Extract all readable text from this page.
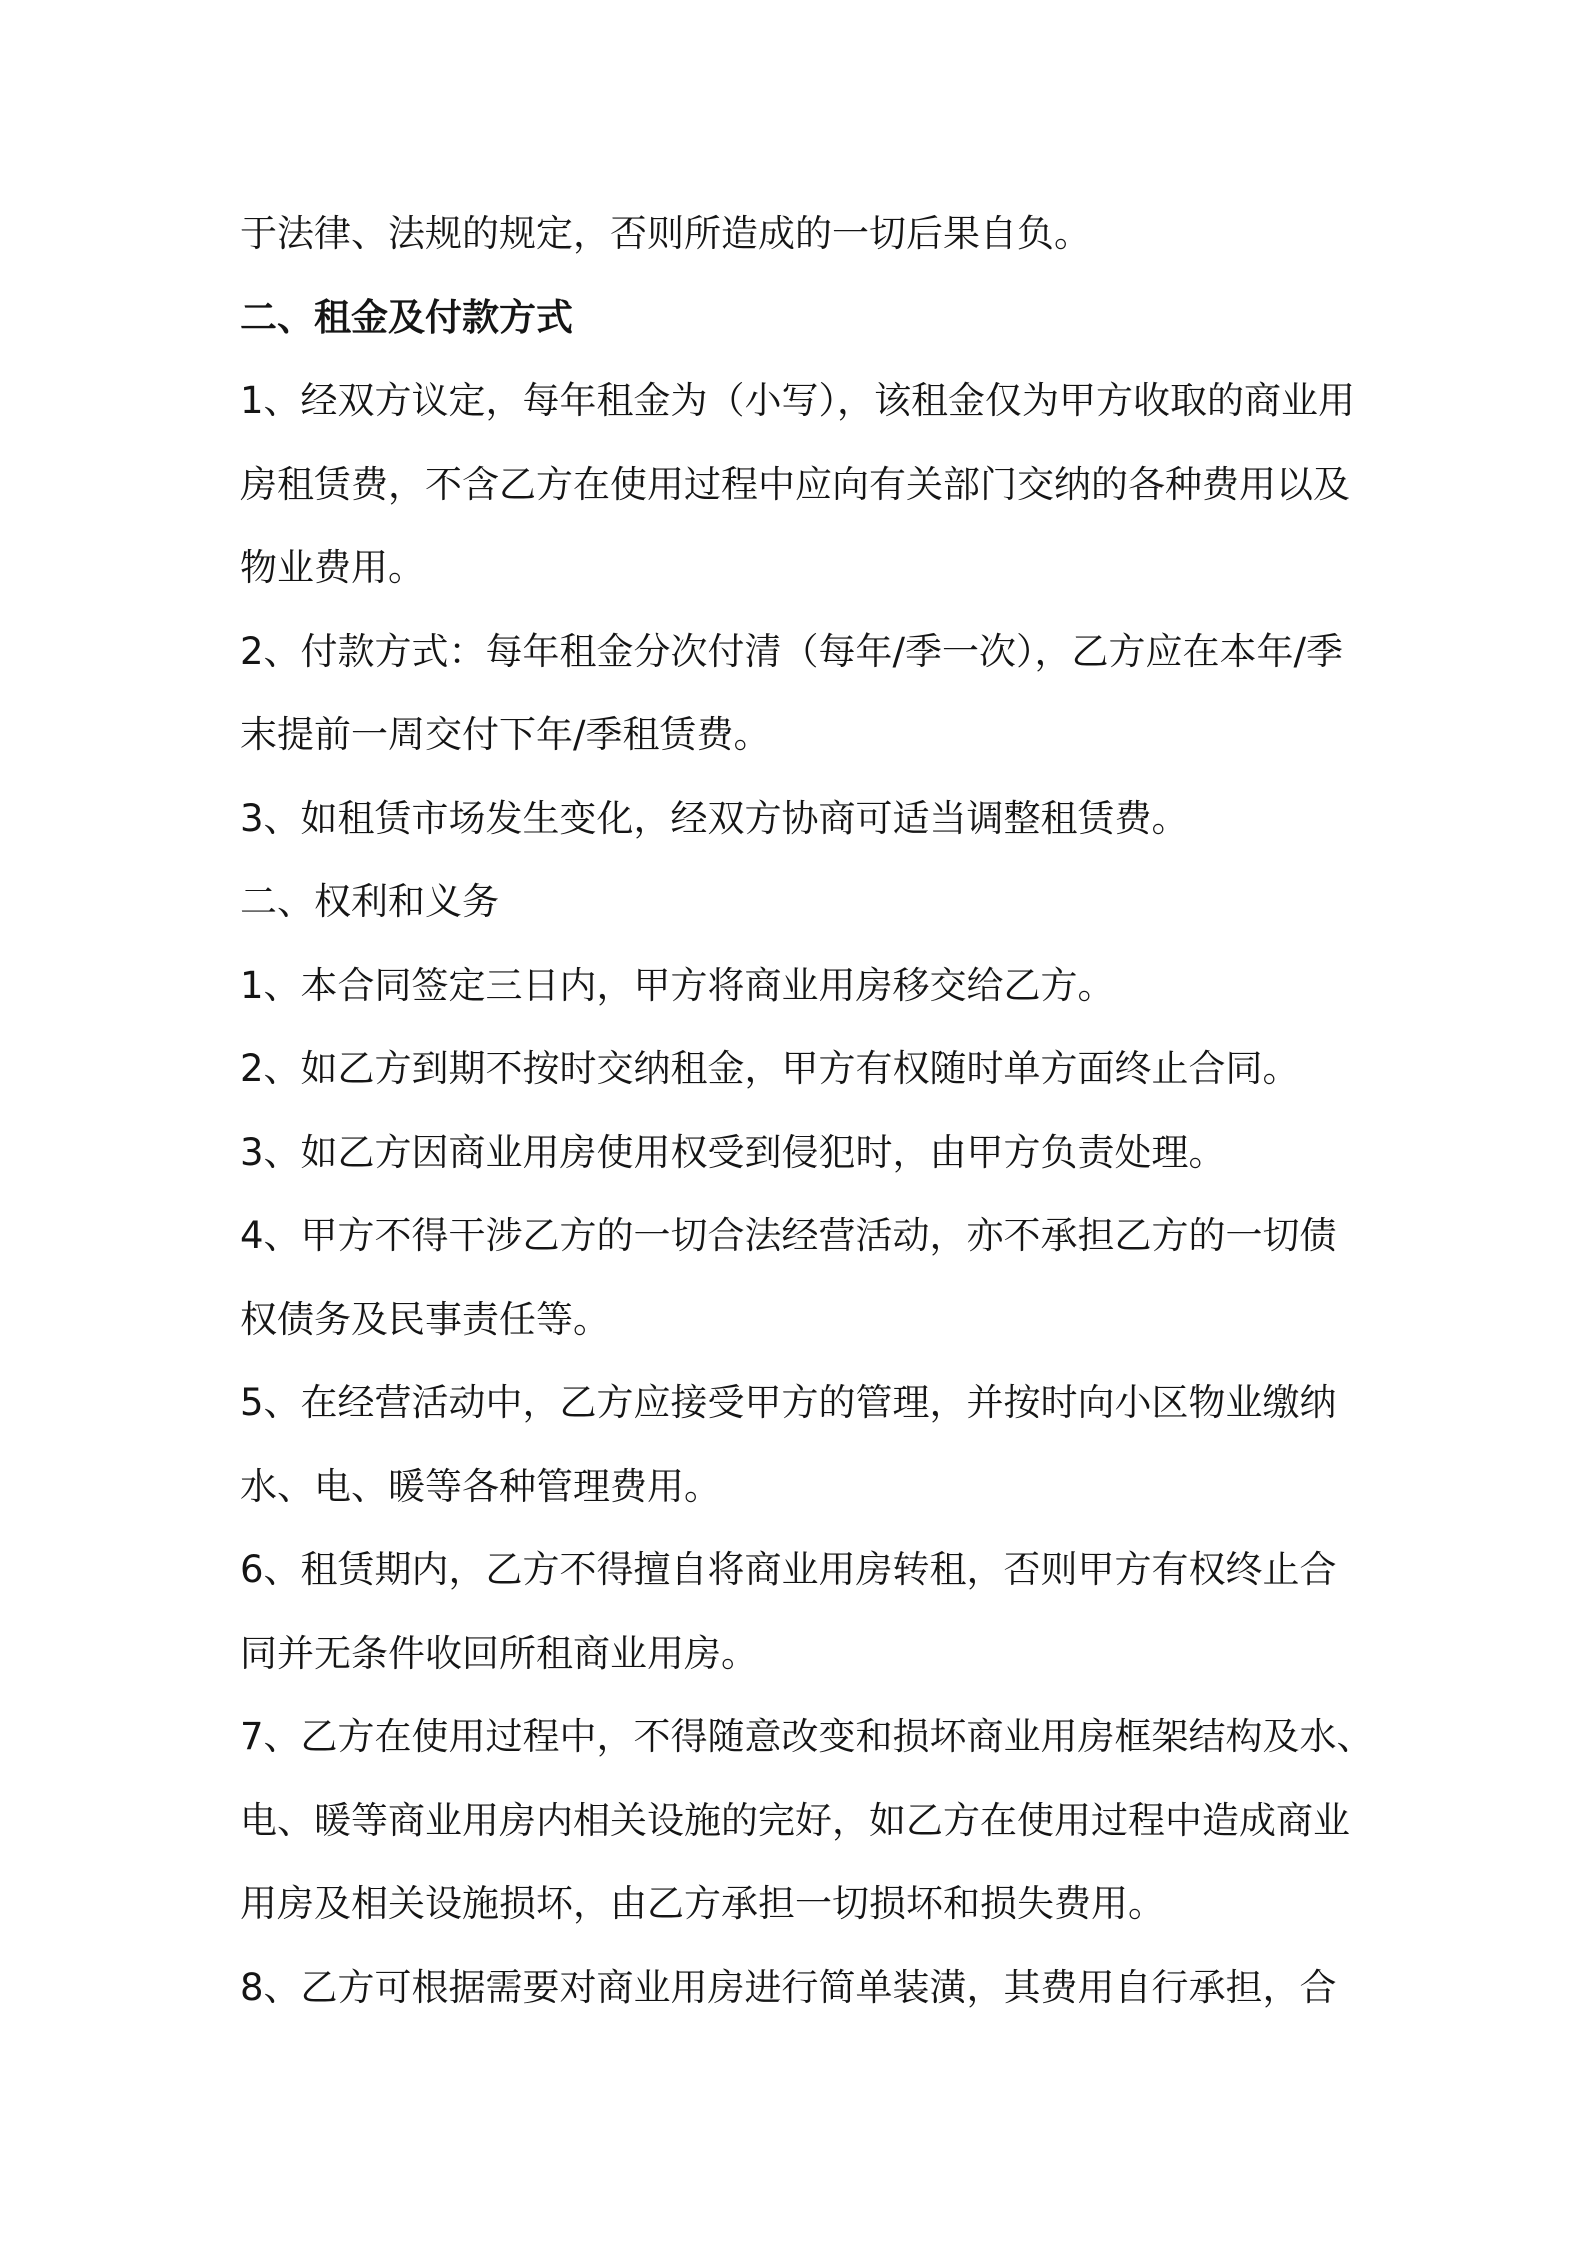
于法律、法规的规定，否则所造成的一切后果自负。
二、租金及付款方式
1、经双方议定，每年租金为（小写），该租金仅为甲方收取的商业用
房租赁费，不含乙方在使用过程中应向有关部门交纳的各种费用以及
物业费用。
2、付款方式：每年租金分次付清（每年/季一次），乙方应在本年/季
末提前一周交付下年/季租赁费。
3、如租赁市场发生变化，经双方协商可适当调整租赁费。
二、权利和义务
1、本合同签定三日内，甲方将商业用房移交给乙方。
2、如乙方到期不按时交纳租金，甲方有权随时单方面终止合同。
3、如乙方因商业用房使用权受到侵犯时，由甲方负责处理。
4、甲方不得干涉乙方的一切合法经营活动，亦不承担乙方的一切债
权债务及民事责任等。
5、在经营活动中，乙方应接受甲方的管理，并按时向小区物业缴纳
水、电、暖等各种管理费用。
6、租赁期内，乙方不得擅自将商业用房转租，否则甲方有权终止合
同并无条件收回所租商业用房。
7、乙方在使用过程中，不得随意改变和损坏商业用房框架结构及水、
电、暖等商业用房内相关设施的完好，如乙方在使用过程中造成商业
用房及相关设施损坏，由乙方承担一切损坏和损失费用。
8、乙方可根据需要对商业用房进行简单装潢，其费用自行承担，合
